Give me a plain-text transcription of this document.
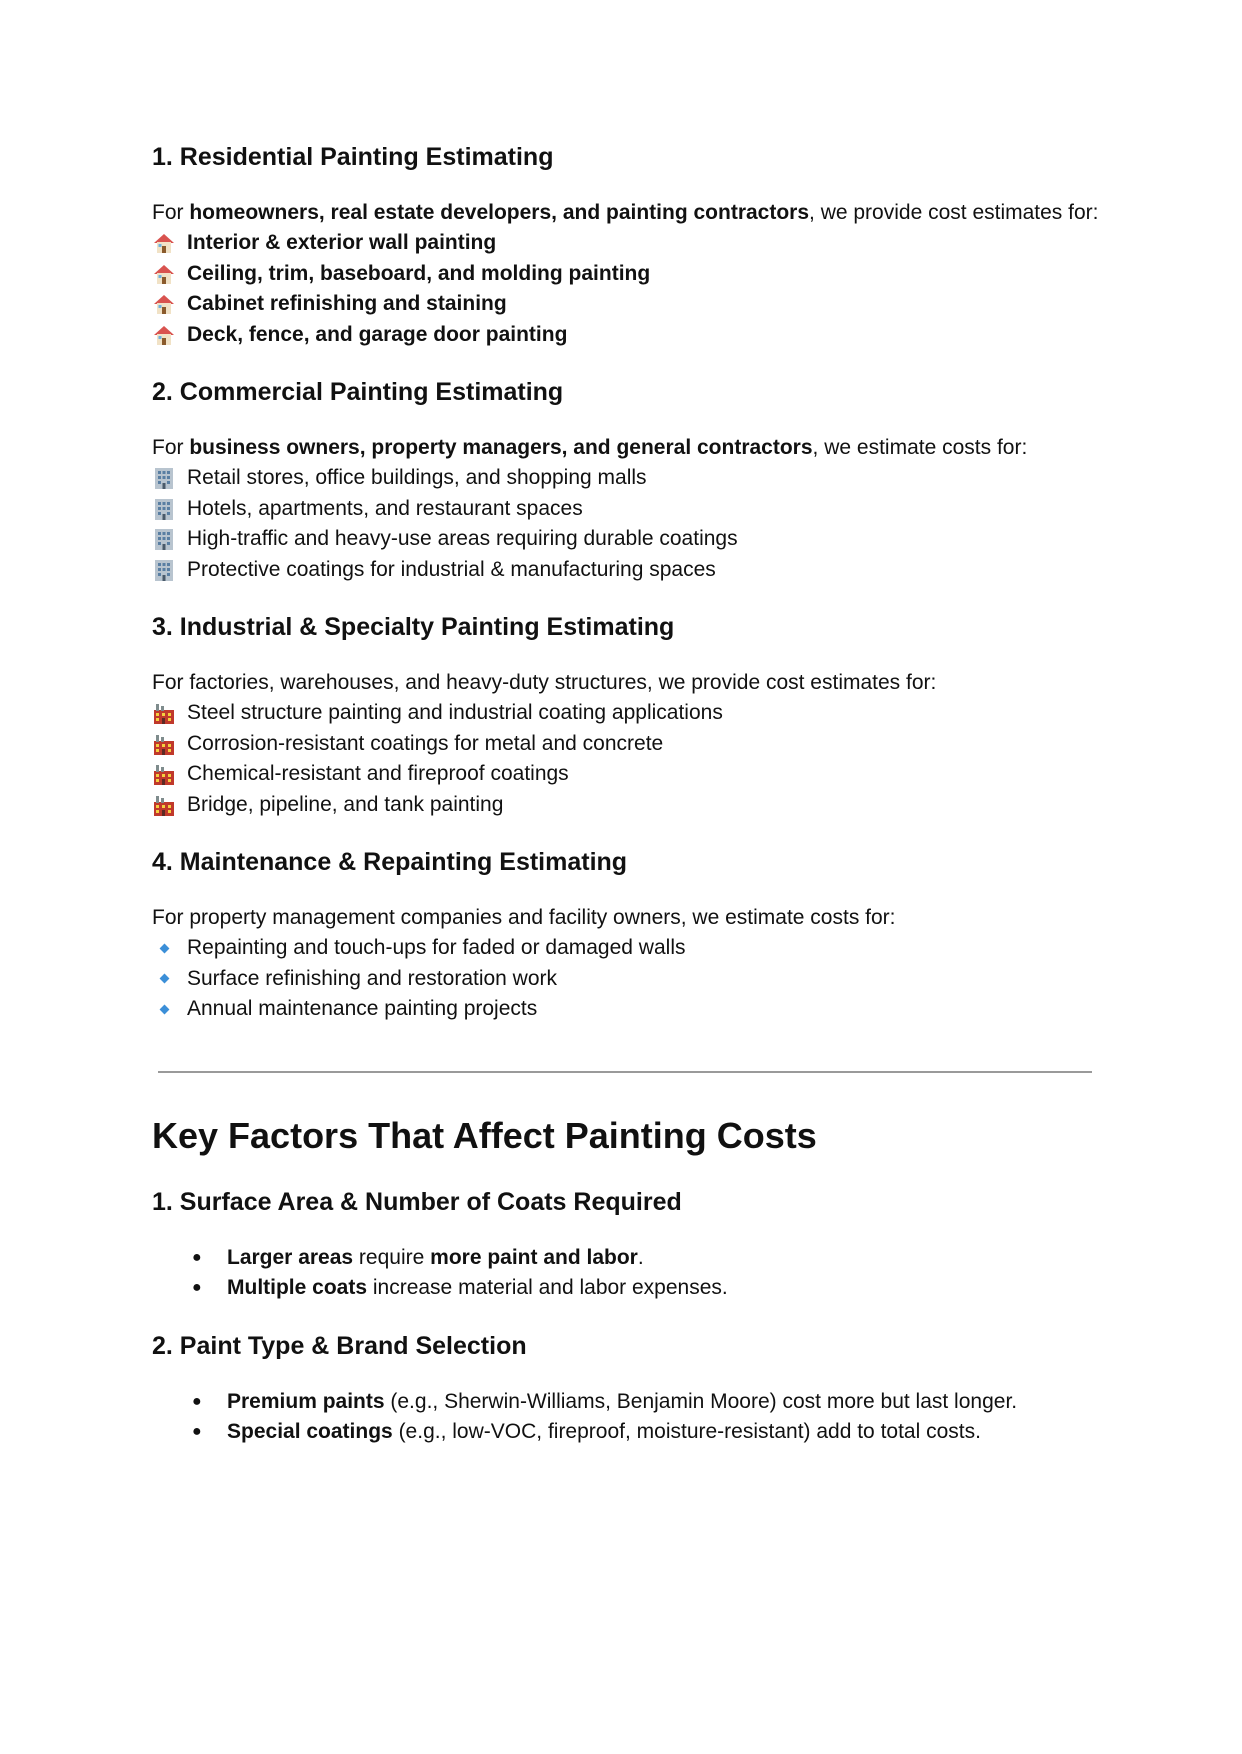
1. Residential Painting Estimating

For homeowners, real estate developers, and painting contractors, we provide cost estimates for:

Interior & exterior wall painting
Ceiling, trim, baseboard, and molding painting
Cabinet refinishing and staining
Deck, fence, and garage door painting
2. Commercial Painting Estimating

For business owners, property managers, and general contractors, we estimate costs for:

Retail stores, office buildings, and shopping malls
Hotels, apartments, and restaurant spaces
High-traffic and heavy-use areas requiring durable coatings
Protective coatings for industrial & manufacturing spaces
3. Industrial & Specialty Painting Estimating

For factories, warehouses, and heavy-duty structures, we provide cost estimates for:

Steel structure painting and industrial coating applications
Corrosion-resistant coatings for metal and concrete
Chemical-resistant and fireproof coatings
Bridge, pipeline, and tank painting
4. Maintenance & Repainting Estimating

For property management companies and facility owners, we estimate costs for:

Repainting and touch-ups for faded or damaged walls
Surface refinishing and restoration work
Annual maintenance painting projects
Key Factors That Affect Painting Costs
1. Surface Area & Number of Coats Required
● Larger areas require more paint and labor.
● Multiple coats increase material and labor expenses.
2. Paint Type & Brand Selection
● Premium paints (e.g., Sherwin-Williams, Benjamin Moore) cost more but last longer.
● Special coatings (e.g., low-VOC, fireproof, moisture-resistant) add to total costs.
